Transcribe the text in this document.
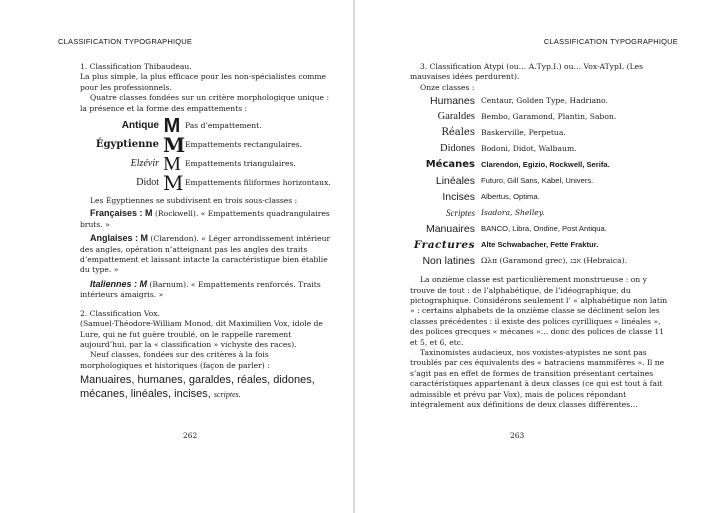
CLASSIFICATION TYPOGRAPHIQUE	CLASSIFICATION TYPOGRAPHIQUE

1. Classification Thibaudeau.

La plus simple, la plus efficace pour les non-spécialistes comme pour les professionnels.

Quatre classes fondées sur un critère morphologique unique : la présence et la forme des empattements :

Antique M Pas d’empattement.
Égyptienne M Empattements rectangulaires.
Elzévir M Empattements triangulaires.
Didot M Empattements filiformes horizontaux.

Les Égyptiennes se subdivisent en trois sous-classes :

Françaises : M (Rockwell). « Empattements quadrangulaires bruts. »

Anglaises : M (Clarendon). « Léger arrondissement intérieur des angles, opération n’atteignant pas les angles des traits d’empattement et laissant intacte la caractéristique bien établie du type. »

Italiennes : M (Barnum). « Empattements renforcés. Traits intérieurs amaigris. »

2. Classification Vox.

(Samuel-Théodore-William Monod, dit Maximilien Vox, idole de Lure, qui ne fut guère troublé, on le rappelle rarement aujourd’hui, par la « classification » vichyste des races).

Neuf classes, fondées sur des critères à la fois morphologiques et historiques (façon de parler) :

Manuaires, humanes, garaldes, réales, didones,
mécanes, linéales, incises, scriptes.
262

3. Classification Atypi (ou… A.Typ.I.) ou… Vox-ATypI. (Les mauvaises idées perdurent).

Onze classes :

Humanes Centaur, Golden Type, Hadriano.
Garaldes Bembo, Garamond, Plantin, Sabon.
Réales Baskerville, Perpetua.
Didones Bodoni, Didot, Walbaum.
Mécanes Clarendon, Egizio, Rockwell, Serifa.
Linéales Futuro, Gill Sans, Kabel, Univers.
Incises Albertus, Optima.
Scriptes Isadora, Shelley.
Manuaires BANCO, Libra, Ondine, Post Antiqua.
Fractures Alte Schwabacher, Fette Fraktur.
Non latines Ωλπ (Garamond grec), אבג (Hebraica).

La onzième classe est particulièrement monstrueuse : on y trouve de tout : de l’alphabétique, de l’idéographique, du pictographique. Considérons seulement l’ « alphabétique non latin » : certains alphabets de la onzième classe se déclinent selon les classes précédentes : il existe des polices cyrilliques « linéales », des polices grecques « mécanes »… donc des polices de classe 11 et 5, et 6, etc.

Taxinomistes audacieux, nos voxistes-atypistes ne sont pas troublés par ces équivalents des « batraciens mammifères ». Il ne s’agit pas en effet de formes de transition présentant certaines caractéristiques appartenant à deux classes (ce qui est tout à fait admissible et prévu par Vox), mais de polices répondant intégralement aux définitions de deux classes différentes…

263
